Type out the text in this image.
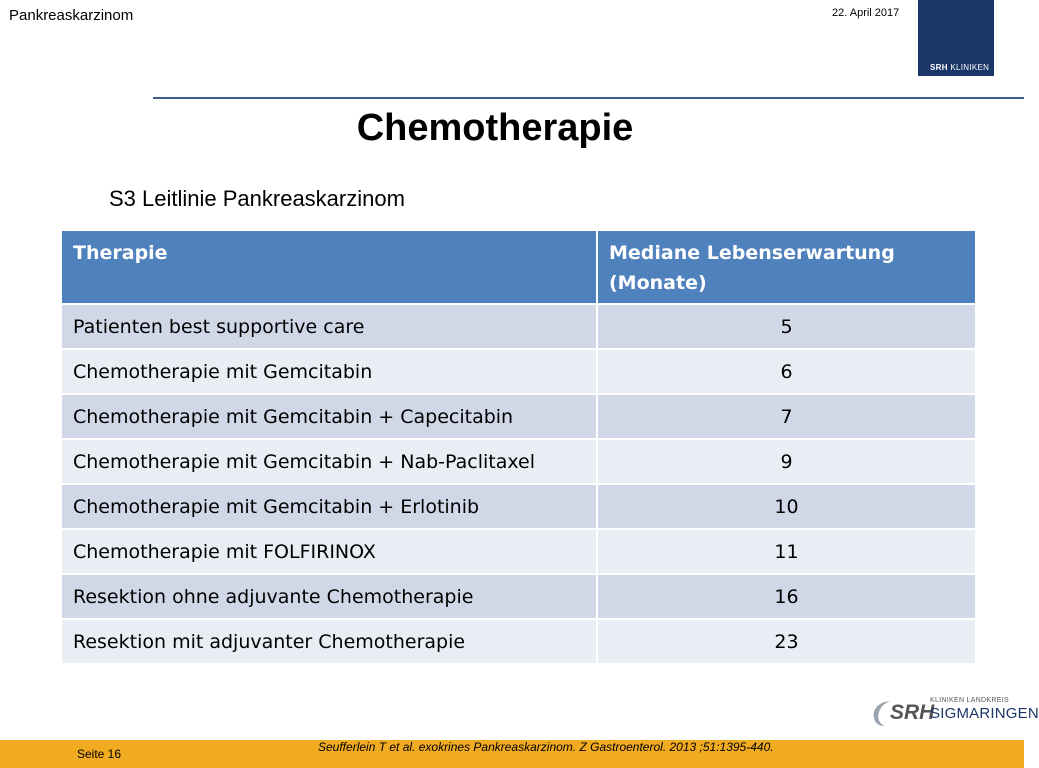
Pankreaskarzinom	22. April 2017
SRH KLINIKEN
Chemotherapie
S3 Leitlinie Pankreaskarzinom
Therapie	Mediane Lebenserwartung (Monate)
Patienten best supportive care	5
Chemotherapie mit Gemcitabin	6
Chemotherapie mit Gemcitabin + Capecitabin	7
Chemotherapie mit Gemcitabin + Nab-Paclitaxel	9
Chemotherapie mit Gemcitabin + Erlotinib	10
Chemotherapie mit FOLFIRINOX	11
Resektion ohne adjuvante Chemotherapie	16
Resektion mit adjuvanter Chemotherapie	23
SRH
KLINIKEN LANDKREIS
SIGMARINGEN
Seite 16	Seufferlein T et al. exokrines Pankreaskarzinom. Z Gastroenterol. 2013 ;51:1395-440.
